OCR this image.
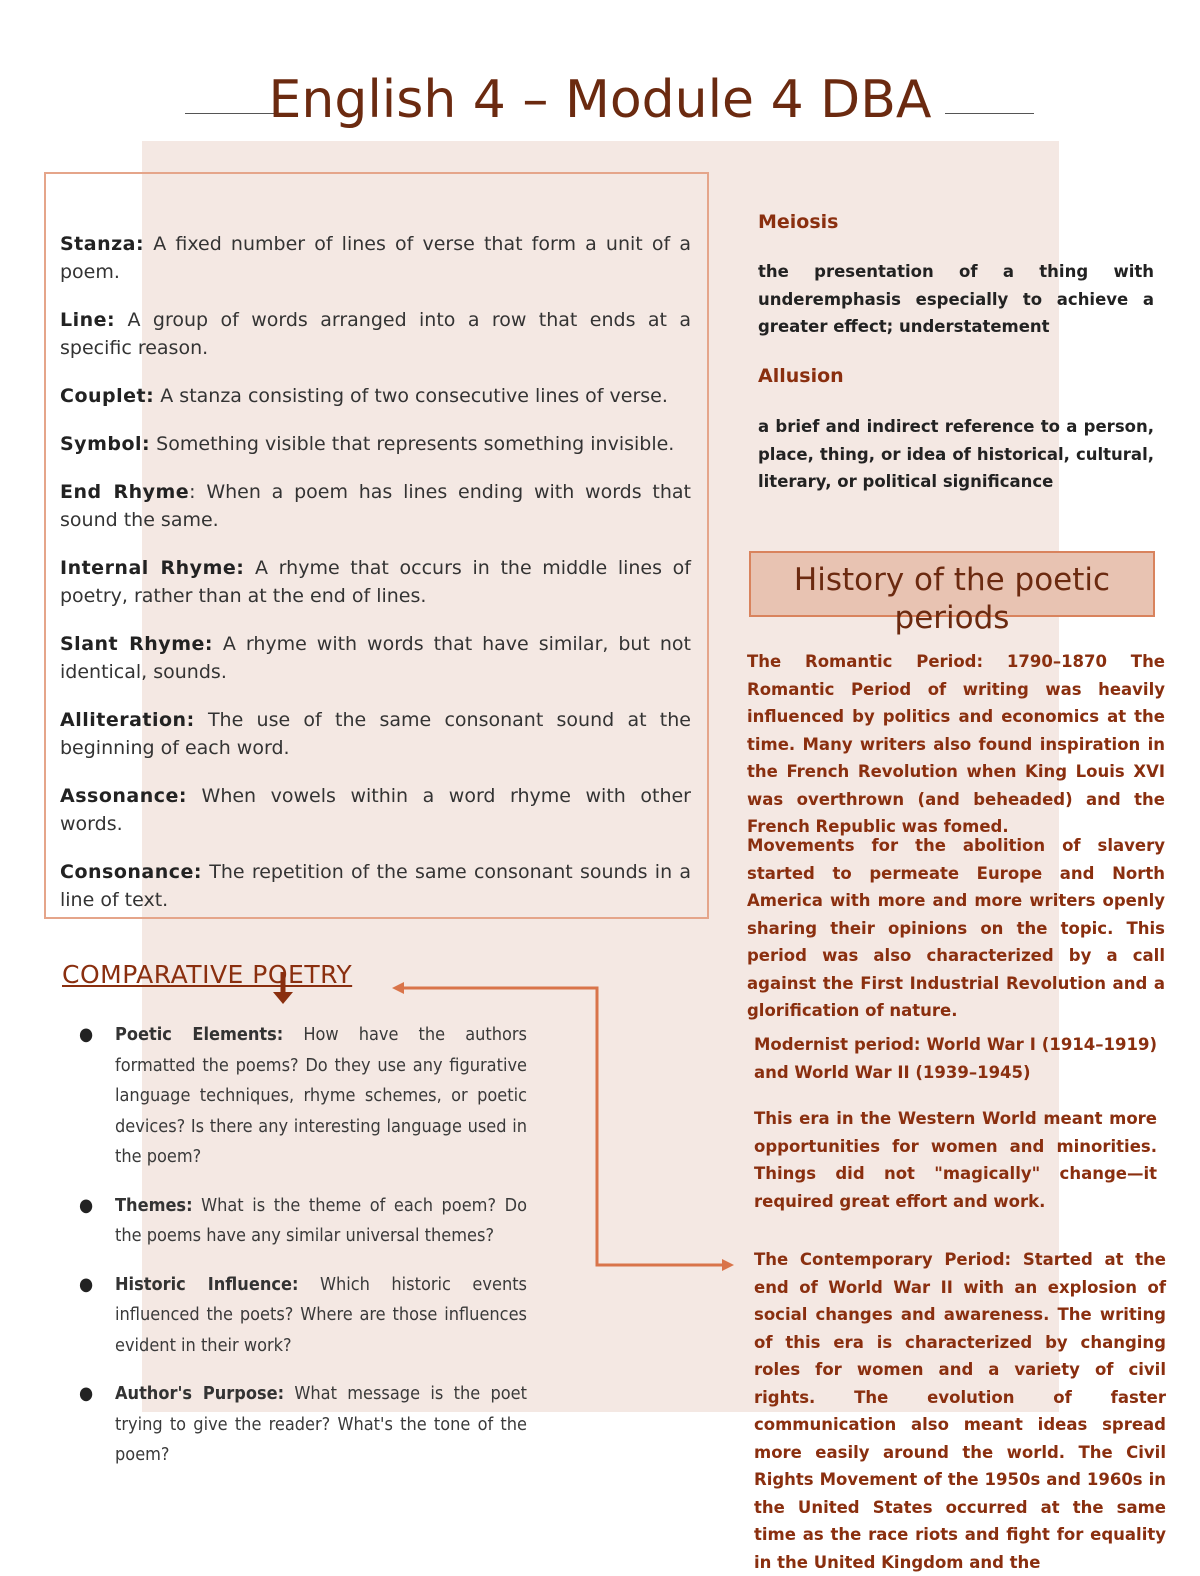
English 4 – Module 4 DBA

Stanza: A fixed number of lines of verse that form a unit of a poem.

Line: A group of words arranged into a row that ends at a specific reason.

Couplet: A stanza consisting of two consecutive lines of verse.

Symbol: Something visible that represents something invisible.

End Rhyme: When a poem has lines ending with words that sound the same.

Internal Rhyme: A rhyme that occurs in the middle lines of poetry, rather than at the end of lines.

Slant Rhyme: A rhyme with words that have similar, but not identical, sounds.

Alliteration: The use of the same consonant sound at the beginning of each word.

Assonance: When vowels within a word rhyme with other words.

Consonance: The repetition of the same consonant sounds in a line of text.

COMPARATIVE POETRY
● Poetic Elements: How have the authors formatted the poems? Do they use any figurative language techniques, rhyme schemes, or poetic devices? Is there any interesting language used in the poem?
● Themes: What is the theme of each poem? Do the poems have any similar universal themes?
● Historic Influence: Which historic events influenced the poets? Where are those influences evident in their work?
● Author's Purpose: What message is the poet trying to give the reader? What's the tone of the poem?
Meiosis
the presentation of a thing with underemphasis especially to achieve a greater effect; understatement
Allusion
a brief and indirect reference to a person, place, thing, or idea of historical, cultural, literary, or political significance
History of the poetic periods
The Romantic Period: 1790–1870 The Romantic Period of writing was heavily influenced by politics and economics at the time. Many writers also found inspiration in the French Revolution when King Louis XVI was overthrown (and beheaded) and the French Republic was fomed.
Movements for the abolition of slavery started to permeate Europe and North America with more and more writers openly sharing their opinions on the topic. This period was also characterized by a call against the First Industrial Revolution and a glorification of nature.
Modernist period: World War I (1914–1919) and World War II (1939–1945)
This era in the Western World meant more opportunities for women and minorities. Things did not "magically" change—it required great effort and work.
The Contemporary Period: Started at the end of World War II with an explosion of social changes and awareness. The writing of this era is characterized by changing roles for women and a variety of civil rights. The evolution of faster communication also meant ideas spread more easily around the world. The Civil Rights Movement of the 1950s and 1960s in the United States occurred at the same time as the race riots and fight for equality in the United Kingdom and the
